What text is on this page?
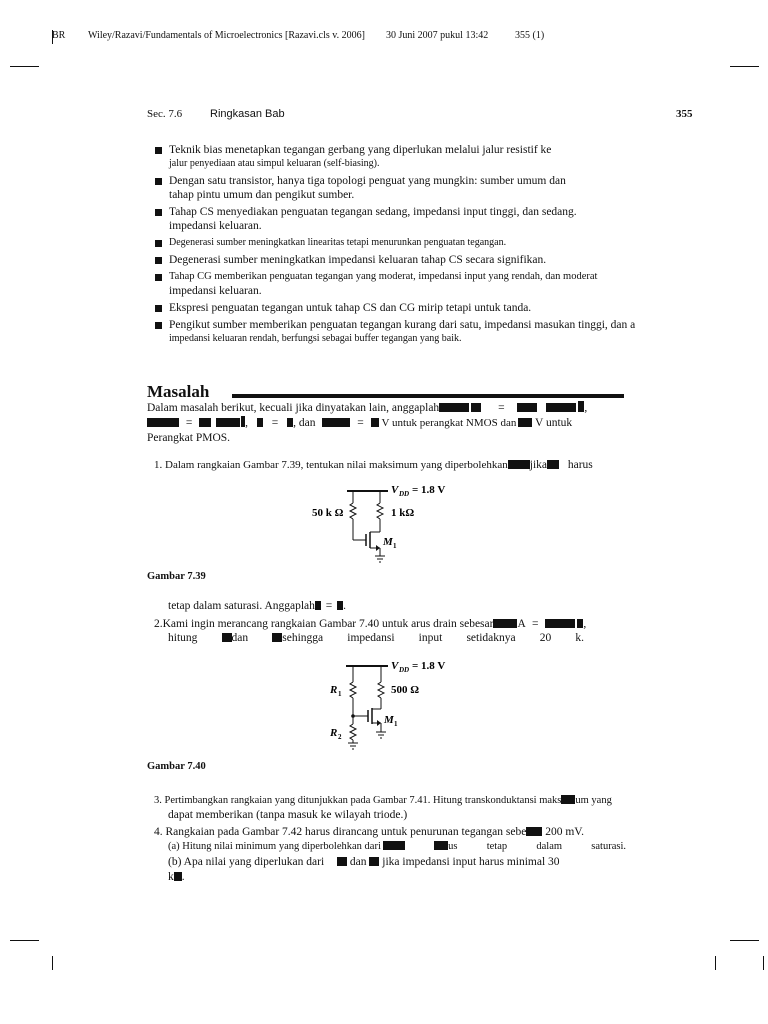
BR Wiley/Razavi/Fundamentals of Microelectronics [Razavi.cls v. 2006] 30 Juni 2007 pukul 13:42	355 (1)
Sec. 7.6	Ringkasan Bab	355
Teknik bias menetapkan tegangan gerbang yang diperlukan melalui jalur resistif ke
jalur penyediaan atau simpul keluaran (self-biasing).
Dengan satu transistor, hanya tiga topologi penguat yang mungkin: sumber umum dan
tahap pintu umum dan pengikut sumber.
Tahap CS menyediakan penguatan tegangan sedang, impedansi input tinggi, dan sedang.
impedansi keluaran.
Degenerasi sumber meningkatkan linearitas tetapi menurunkan penguatan tegangan.
Degenerasi sumber meningkatkan impedansi keluaran tahap CS secara signifikan.
Tahap CG memberikan penguatan tegangan yang moderat, impedansi input yang rendah, dan moderat
impedansi keluaran.
Ekspresi penguatan tegangan untuk tahap CS dan CG mirip tetapi untuk tanda.
Pengikut sumber memberikan penguatan tegangan kurang dari satu, impedansi masukan tinggi, dan a
impedansi keluaran rendah, berfungsi sebagai buffer tegangan yang baik.
Masalah
Dalam masalah berikut, kecuali jika dinyatakan lain, anggaplah	=	,
=	,  = , dan	= V untuk perangkat NMOS dan V untuk
Perangkat PMOS.
1. Dalam rangkaian Gambar 7.39, tentukan nilai maksimum yang diperbolehkan jika harus
V DD = 1.8 V
50 k Ω	1 kΩ
M 1
Gambar 7.39
tetap dalam saturasi. Anggaplah = .
2.Kami ingin merancang rangkaian Gambar 7.40 untuk arus drain sebesar A =	,
hitung	dan	sehingga impedansi input setidaknya 20 k.
V DD = 1.8 V
R 1
R 2
500 Ω
M 1
Gambar 7.40
3. Pertimbangkan rangkaian yang ditunjukkan pada Gambar 7.41. Hitung transkonduktansi maks um yang
dapat memberikan (tanpa masuk ke wilayah triode.)
4. Rangkaian pada Gambar 7.42 harus dirancang untuk penurunan tegangan sebe 200 mV.
(a) Hitung nilai minimum yang diperbolehkan dari	us	tetap	dalam	saturasi.
(b) Apa nilai yang diperlukan dari dan jika impedansi input harus minimal 30
k .
